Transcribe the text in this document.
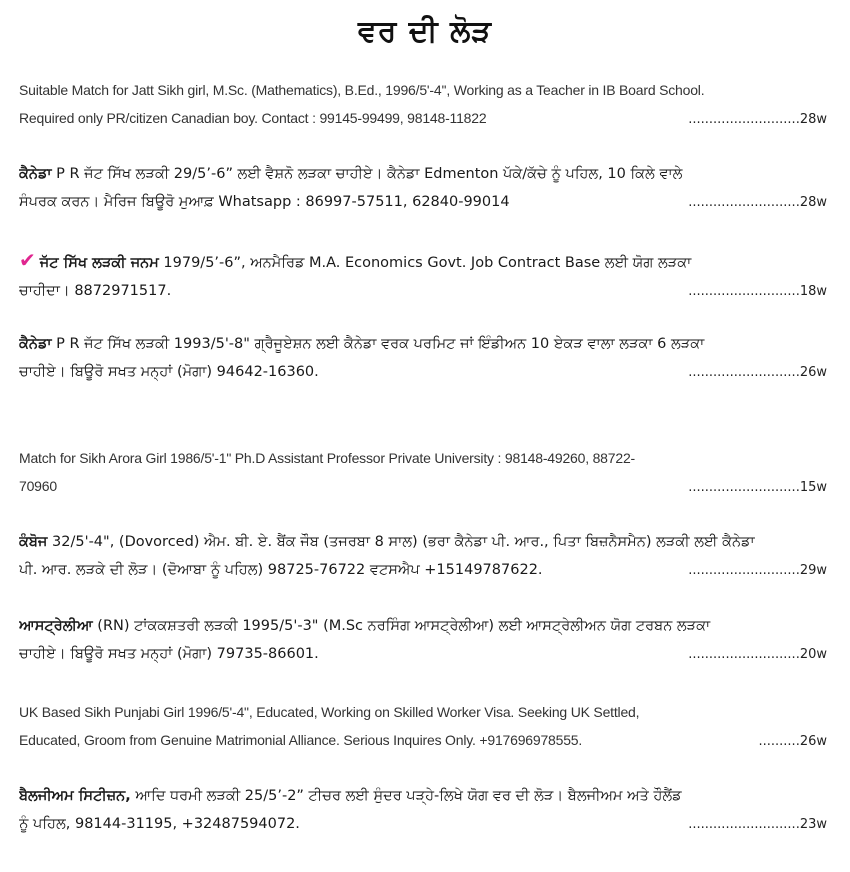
ਵਰ ਦੀ ਲੋੜ
Suitable Match for Jatt Sikh girl, M.Sc. (Mathematics), B.Ed., 1996/5'-4'', Working as a Teacher in IB Board School.
Required only PR/citizen Canadian boy. Contact : 99145-99499, 98148-11822	...........................28w
ਕੈਨੇਡਾ P R ਜੱਟ ਸਿੱਖ ਲੜਕੀ 29/5’-6” ਲਈ ਵੈਸ਼ਨੋ ਲੜਕਾ ਚਾਹੀਏ। ਕੈਨੇਡਾ Edmenton ਪੱਕੇ/ਕੱਚੇ ਨੂੰ ਪਹਿਲ, 10 ਕਿਲੇ ਵਾਲੇ
ਸੰਪਰਕ ਕਰਨ। ਮੈਰਿਜ ਬਿਊਰੋ ਮੁਆਫ਼ Whatsapp : 86997-57511, 62840-99014	...........................28w
✔ ਜੱਟ ਸਿੱਖ ਲੜਕੀ ਜਨਮ 1979/5’-6”, ਅਨਮੈਰਿਡ M.A. Economics Govt. Job Contract Base ਲਈ ਯੋਗ ਲੜਕਾ
ਚਾਹੀਦਾ। 8872971517.	...........................18w
ਕੈਨੇਡਾ P R ਜੱਟ ਸਿੱਖ ਲੜਕੀ 1993/5'-8" ਗ੍ਰੈਜੂਏਸ਼ਨ ਲਈ ਕੈਨੇਡਾ ਵਰਕ ਪਰਮਿਟ ਜਾਂ ਇੰਡੀਅਨ 10 ਏਕੜ ਵਾਲਾ ਲੜਕਾ 6 ਲੜਕਾ
ਚਾਹੀਏ। ਬਿਊਰੋ ਸਖਤ ਮਨ੍ਹਾਂ (ਮੋਗਾ) 94642-16360.	...........................26w
Match for Sikh Arora Girl 1986/5'-1" Ph.D Assistant Professor Private University : 98148-49260, 88722-
70960	...........................15w
ਕੰਬੋਜ 32/5'-4", (Dovorced) ਐਮ. ਬੀ. ਏ. ਬੈਂਕ ਜੌਬ (ਤਜਰਬਾ 8 ਸਾਲ) (ਭਰਾ ਕੈਨੇਡਾ ਪੀ. ਆਰ., ਪਿਤਾ ਬਿਜ਼ਨੈਸਮੈਨ) ਲੜਕੀ ਲਈ ਕੈਨੇਡਾ
ਪੀ. ਆਰ. ਲੜਕੇ ਦੀ ਲੋੜ। (ਦੋਆਬਾ ਨੂੰ ਪਹਿਲ) 98725-76722 ਵਟਸਐਪ +15149787622.	...........................29w
ਆਸਟ੍ਰੇਲੀਆ (RN) ਟਾਂਕਕਸ਼ਤਰੀ ਲੜਕੀ 1995/5'-3" (M.Sc ਨਰਸਿੰਗ ਆਸਟ੍ਰੇਲੀਆ) ਲਈ ਆਸਟ੍ਰੇਲੀਅਨ ਯੋਗ ਟਰਬਨ ਲੜਕਾ
ਚਾਹੀਏ। ਬਿਊਰੋ ਸਖਤ ਮਨ੍ਹਾਂ (ਮੋਗਾ) 79735-86601.	...........................20w
UK Based Sikh Punjabi Girl 1996/5'-4", Educated, Working on Skilled Worker Visa. Seeking UK Settled,
Educated, Groom from Genuine Matrimonial Alliance. Serious Inquires Only. +917696978555.	..........26w
ਬੈਲਜੀਅਮ ਸਿਟੀਜ਼ਨ, ਆਦਿ ਧਰਮੀ ਲੜਕੀ 25/5’-2” ਟੀਚਰ ਲਈ ਸੁੰਦਰ ਪੜ੍ਹੇ-ਲਿਖੇ ਯੋਗ ਵਰ ਦੀ ਲੋੜ। ਬੈਲਜੀਅਮ ਅਤੇ ਹੌਲੈਂਡ
ਨੂੰ ਪਹਿਲ, 98144-31195, +32487594072.	...........................23w
